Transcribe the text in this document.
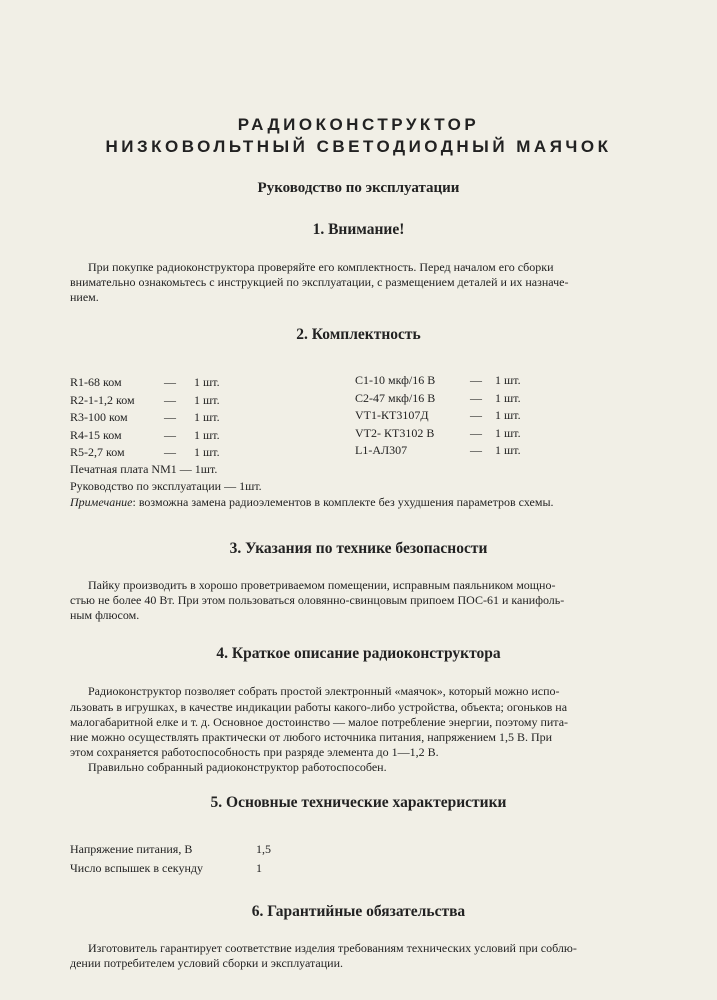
РАДИОКОНСТРУКТОР
НИЗКОВОЛЬТНЫЙ СВЕТОДИОДНЫЙ МАЯЧОК
Руководство по эксплуатации
1. Внимание!
При покупке радиоконструктора проверяйте его комплектность. Перед началом его сборки
внимательно ознакомьтесь с инструкцией по эксплуатации, с размещением деталей и их назначе-
нием.
2. Комплектность
R1-68 ком	— 1 шт.
R2-1-1,2 ком — 1 шт.
R3-100 ком	— 1 шт.
R4-15 ком	— 1 шт.
R5-2,7 ком	— 1 шт.
C1-10 мкф/16 В	— 1 шт.
C2-47 мкф/16 В	— 1 шт.
VT1-КТ3107Д	— 1 шт.
VT2- КТ3102 В	— 1 шт.
L1-АЛ307	— 1 шт.
Печатная плата NM1 — 1шт.
Руководство по эксплуатации — 1шт.
Примечание: возможна замена радиоэлементов в комплекте без ухудшения параметров схемы.
3. Указания по технике безопасности
Пайку производить в хорошо проветриваемом помещении, исправным паяльником мощно-
стью не более 40 Вт. При этом пользоваться оловянно-свинцовым припоем ПОС-61 и канифоль-
ным флюсом.
4. Краткое описание радиоконструктора
Радиоконструктор позволяет собрать простой электронный «маячок», который можно испо-
льзовать в игрушках, в качестве индикации работы какого-либо устройства, объекта; огоньков на
малогабаритной елке и т. д. Основное достоинство — малое потребление энергии, поэтому пита-
ние можно осуществлять практически от любого источника питания, напряжением 1,5 В. При
этом сохраняется работоспособность при разряде элемента до 1—1,2 В.
Правильно собранный радиоконструктор работоспособен.
5. Основные технические характеристики
Напряжение питания, В	1,5
Число вспышек в секунду	1
6. Гарантийные обязательства
Изготовитель гарантирует соответствие изделия требованиям технических условий при соблю-
дении потребителем условий сборки и эксплуатации.
